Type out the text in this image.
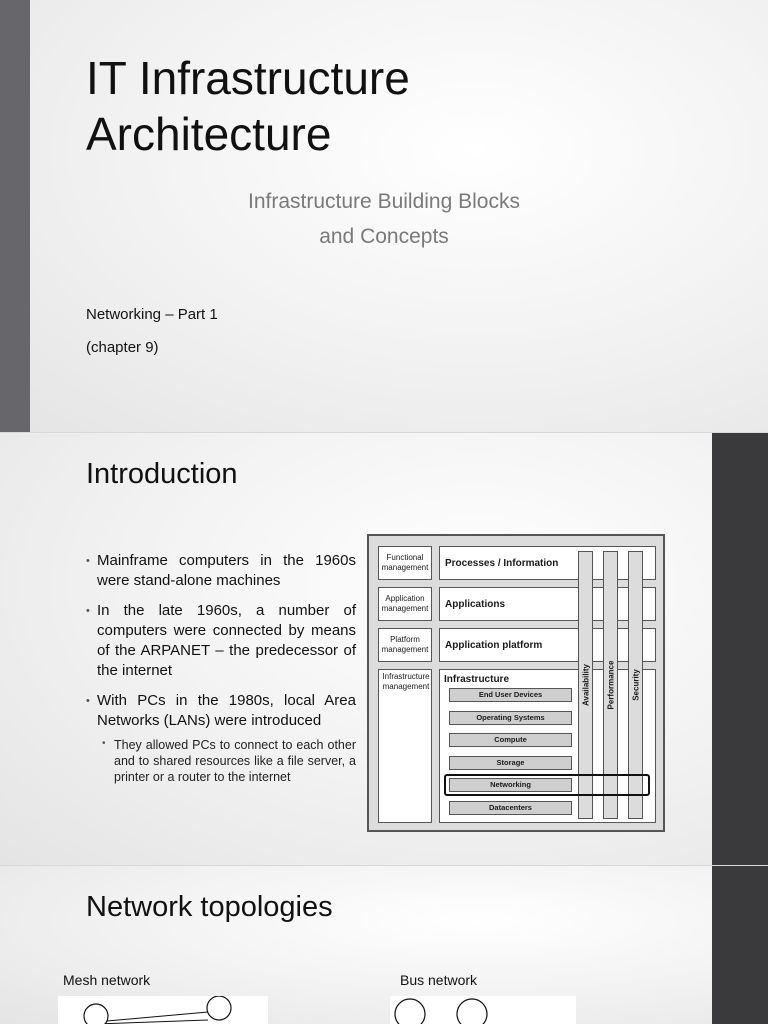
IT Infrastructure
Architecture
Infrastructure Building Blocks
and Concepts
Networking – Part 1
(chapter 9)
Introduction
• Mainframe computers in the 1960s were stand-alone machines
• In the late 1960s, a number of computers were connected by means of the ARPANET – the predecessor of the internet
• With PCs in the 1980s, local Area Networks (LANs) were introduced
• They allowed PCs to connect to each other and to shared resources like a file server, a printer or a router to the internet
Functional management
Application management
Platform management
Infrastructure management
Processes / Information
Applications
Application platform
Infrastructure
End User Devices
Operating Systems
Compute
Storage
Networking
Datacenters
Availability Performance Security
Network topologies
Mesh network	Bus network
